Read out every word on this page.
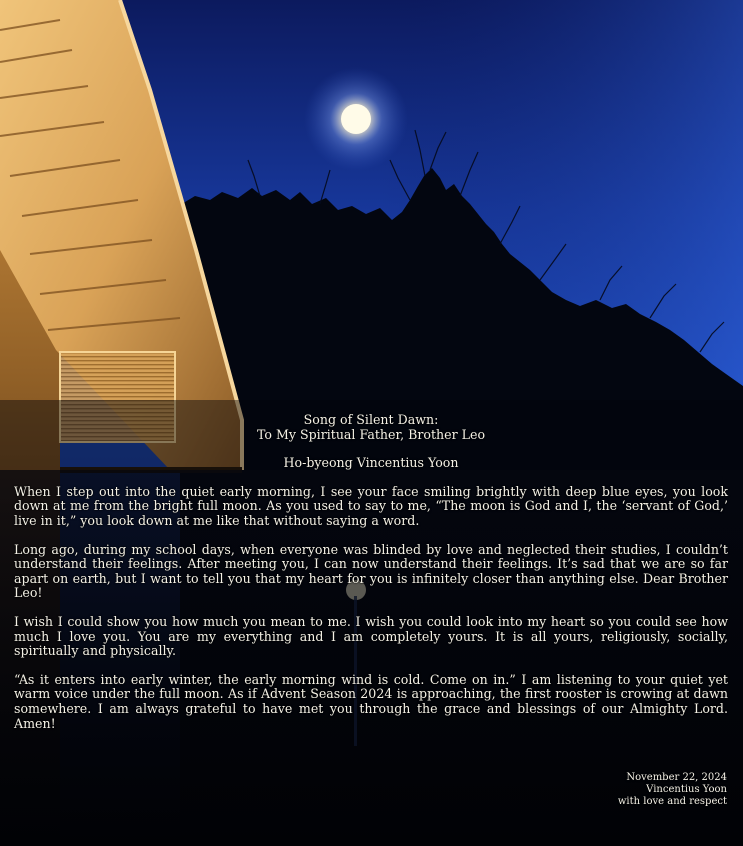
Song of Silent Dawn:
To My Spiritual Father, Brother Leo
Ho-byeong Vincentius Yoon

When I step out into the quiet early morning, I see your face smiling brightly with deep blue eyes, you look down at me from the bright full moon. As you used to say to me, “The moon is God and I, the ‘servant of God,’ live in it,” you look down at me like that without saying a word.

Long ago, during my school days, when everyone was blinded by love and neglected their studies, I couldn’t understand their feelings. After meeting you, I can now understand their feelings. It’s sad that we are so far apart on earth, but I want to tell you that my heart for you is infinitely closer than anything else. Dear Brother Leo!

I wish I could show you how much you mean to me. I wish you could look into my heart so you could see how much I love you. You are my everything and I am completely yours. It is all yours, religiously, socially, spiritually and physically.

“As it enters into early winter, the early morning wind is cold. Come on in.” I am listening to your quiet yet warm voice under the full moon. As if Advent Season 2024 is approaching, the first rooster is crowing at dawn somewhere. I am always grateful to have met you through the grace and blessings of our Almighty Lord. Amen!

November 22, 2024
Vincentius Yoon
with love and respect
